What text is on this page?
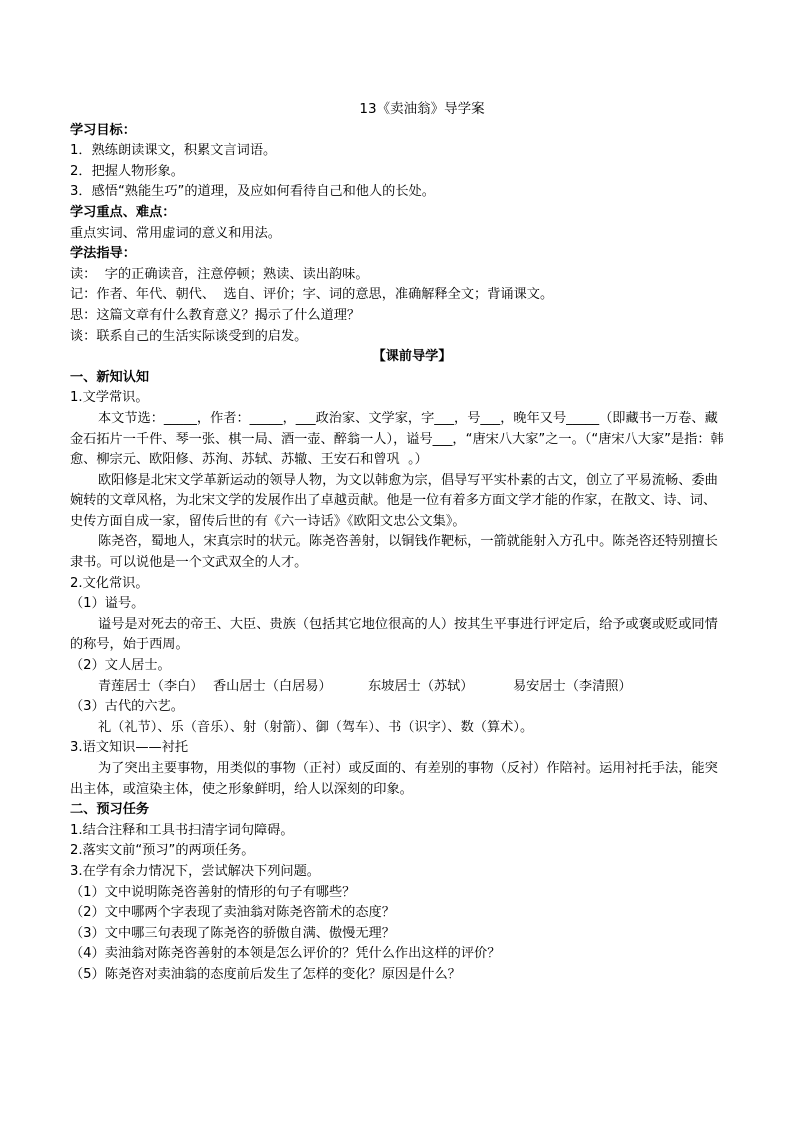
13《卖油翁》导学案
学习目标：
1．熟练朗读课文，积累文言词语。
2．把握人物形象。
3．感悟“熟能生巧”的道理，及应如何看待自己和他人的长处。
学习重点、难点：
重点实词、常用虚词的意义和用法。
学法指导：
读：  字的正确读音，注意停顿；熟读、读出韵味。
记：作者、年代、朝代、  选自、评价；字、词的意思，准确解释全文；背诵课文。
思：这篇文章有什么教育意义？揭示了什么道理？
谈：联系自己的生活实际谈受到的启发。
【课前导学】
一、新知认知
1.文学常识。
本文节选：_____，作者：_____，___政治家、文学家，字___，号___，晚年又号_____（即藏书一万卷、藏金石拓片一千件、琴一张、棋一局、酒一壶、醉翁一人），谥号___，“唐宋八大家”之一。（“唐宋八大家”是指：韩愈、柳宗元、欧阳修、苏洵、苏轼、苏辙、王安石和曾巩  。）
欧阳修是北宋文学革新运动的领导人物，为文以韩愈为宗，倡导写平实朴素的古文，创立了平易流畅、委曲婉转的文章风格，为北宋文学的发展作出了卓越贡献。他是一位有着多方面文学才能的作家，在散文、诗、词、史传方面自成一家，留传后世的有《六一诗话》《欧阳文忠公文集》。
陈尧咨，蜀地人，宋真宗时的状元。陈尧咨善射，以铜钱作靶标，一箭就能射入方孔中。陈尧咨还特别擅长隶书。可以说他是一个文武双全的人才。
2.文化常识。
（1）谥号。
谥号是对死去的帝王、大臣、贵族（包括其它地位很高的人）按其生平事进行评定后，给予或褒或贬或同情的称号，始于西周。
（2）文人居士。
青莲居士（李白） 香山居士（白居易）	东坡居士（苏轼）	易安居士（李清照）
（3）古代的六艺。
礼（礼节）、乐（音乐）、射（射箭）、御（驾车）、书（识字）、数（算术）。
3.语文知识——衬托
为了突出主要事物，用类似的事物（正衬）或反面的、有差别的事物（反衬）作陪衬。运用衬托手法，能突出主体，或渲染主体，使之形象鲜明，给人以深刻的印象。
二、预习任务
1.结合注释和工具书扫清字词句障碍。
2.落实文前“预习”的两项任务。
3.在学有余力情况下，尝试解决下列问题。
（1）文中说明陈尧咨善射的情形的句子有哪些？
（2）文中哪两个字表现了卖油翁对陈尧咨箭术的态度？
（3）文中哪三句表现了陈尧咨的骄傲自满、傲慢无理？
（4）卖油翁对陈尧咨善射的本领是怎么评价的？凭什么作出这样的评价？
（5）陈尧咨对卖油翁的态度前后发生了怎样的变化？原因是什么？
